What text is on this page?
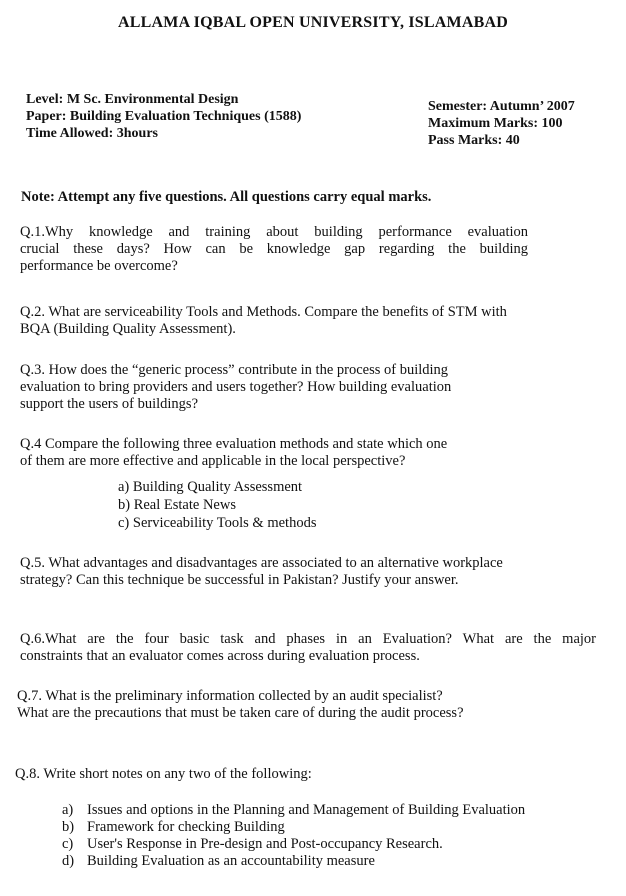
ALLAMA IQBAL OPEN UNIVERSITY, ISLAMABAD
Level: M Sc. Environmental Design
Paper: Building Evaluation Techniques (1588)
Time Allowed: 3hours
Semester: Autumn’ 2007
Maximum Marks: 100
Pass Marks: 40
Note: Attempt any five questions. All questions carry equal marks.
Q.1.Why knowledge and training about building performance evaluation
crucial these days? How can be knowledge gap regarding the building
performance be overcome?
Q.2. What are serviceability Tools and Methods. Compare the benefits of STM with
BQA (Building Quality Assessment).
Q.3. How does the “generic process” contribute in the process of building
evaluation to bring providers and users together? How building evaluation
support the users of buildings?
Q.4 Compare the following three evaluation methods and state which one
of them are more effective and applicable in the local perspective?
a) Building Quality Assessment
b) Real Estate News
c) Serviceability Tools & methods
Q.5. What advantages and disadvantages are associated to an alternative workplace
strategy? Can this technique be successful in Pakistan? Justify your answer.
Q.6.What are the four basic task and phases in an Evaluation? What are the major
constraints that an evaluator comes across during evaluation process.
Q.7. What is the preliminary information collected by an audit specialist?
What are the precautions that must be taken care of during the audit process?
Q.8. Write short notes on any two of the following:
a) Issues and options in the Planning and Management of Building Evaluation
b) Framework for checking Building
c) User's Response in Pre-design and Post-occupancy Research.
d) Building Evaluation as an accountability measure
